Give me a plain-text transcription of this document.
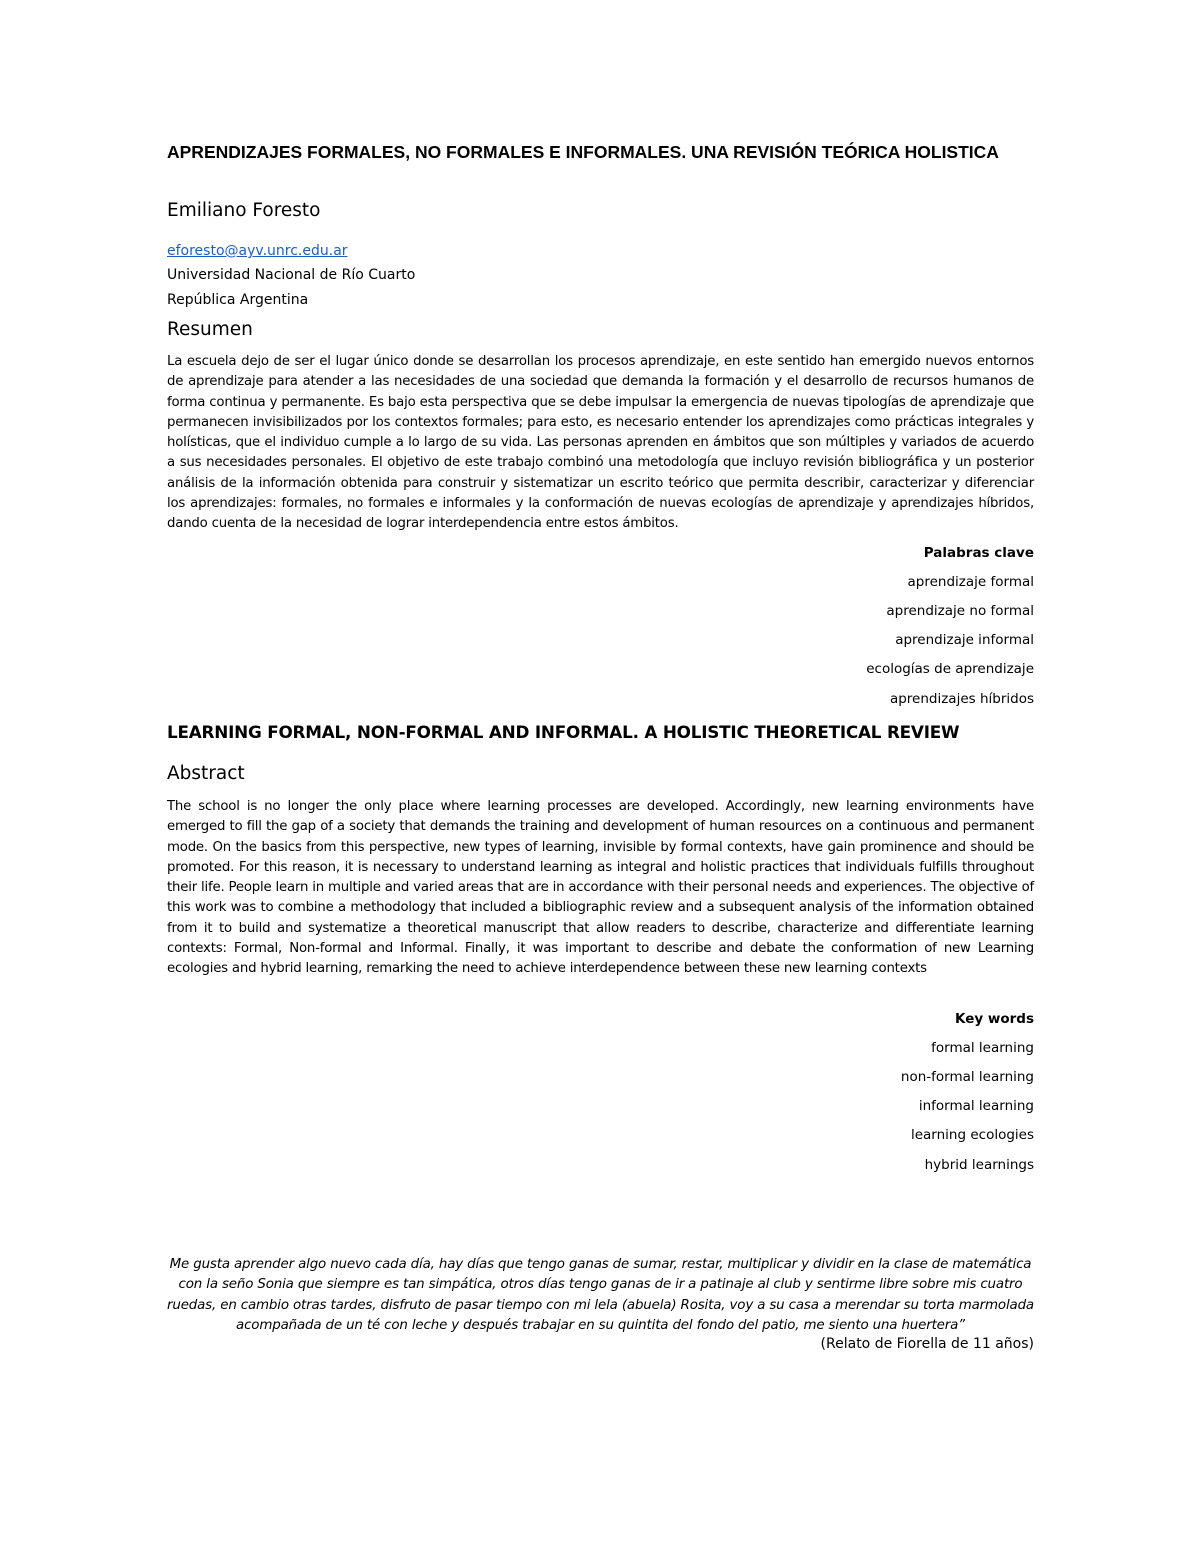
APRENDIZAJES FORMALES, NO FORMALES E INFORMALES. UNA REVISIÓN TEÓRICA HOLISTICA
Emiliano Foresto
eforesto@ayv.unrc.edu.ar
Universidad Nacional de Río Cuarto
República Argentina
Resumen

La escuela dejo de ser el lugar único donde se desarrollan los procesos aprendizaje, en este sentido han emergido nuevos entornos de aprendizaje para atender a las necesidades de una sociedad que demanda la formación y el desarrollo de recursos humanos de forma continua y permanente. Es bajo esta perspectiva que se debe impulsar la emergencia de nuevas tipologías de aprendizaje que permanecen invisibilizados por los contextos formales; para esto, es necesario entender los aprendizajes como prácticas integrales y holísticas, que el individuo cumple a lo largo de su vida. Las personas aprenden en ámbitos que son múltiples y variados de acuerdo a sus necesidades personales. El objetivo de este trabajo combinó una metodología que incluyo revisión bibliográfica y un posterior análisis de la información obtenida para construir y sistematizar un escrito teórico que permita describir, caracterizar y diferenciar los aprendizajes: formales, no formales e informales y la conformación de nuevas ecologías de aprendizaje y aprendizajes híbridos, dando cuenta de la necesidad de lograr interdependencia entre estos ámbitos.

Palabras clave
aprendizaje formal
aprendizaje no formal
aprendizaje informal
ecologías de aprendizaje
aprendizajes híbridos
LEARNING FORMAL, NON-FORMAL AND INFORMAL. A HOLISTIC THEORETICAL REVIEW
Abstract

The school is no longer the only place where learning processes are developed. Accordingly, new learning environments have emerged to fill the gap of a society that demands the training and development of human resources on a continuous and permanent mode. On the basics from this perspective, new types of learning, invisible by formal contexts, have gain prominence and should be promoted. For this reason, it is necessary to understand learning as integral and holistic practices that individuals fulfills throughout their life. People learn in multiple and varied areas that are in accordance with their personal needs and experiences. The objective of this work was to combine a methodology that included a bibliographic review and a subsequent analysis of the information obtained from it to build and systematize a theoretical manuscript that allow readers to describe, characterize and differentiate learning contexts: Formal, Non-formal and Informal. Finally, it was important to describe and debate the conformation of new Learning ecologies and hybrid learning, remarking the need to achieve interdependence between these new learning contexts

Key words
formal learning
non-formal learning
informal learning
learning ecologies
hybrid learnings

Me gusta aprender algo nuevo cada día, hay días que tengo ganas de sumar, restar, multiplicar y dividir en la clase de matemática con la seño Sonia que siempre es tan simpática, otros días tengo ganas de ir a patinaje al club y sentirme libre sobre mis cuatro ruedas, en cambio otras tardes, disfruto de pasar tiempo con mi lela (abuela) Rosita, voy a su casa a merendar su torta marmolada acompañada de un té con leche y después trabajar en su quintita del fondo del patio, me siento una huertera”

(Relato de Fiorella de 11 años)
